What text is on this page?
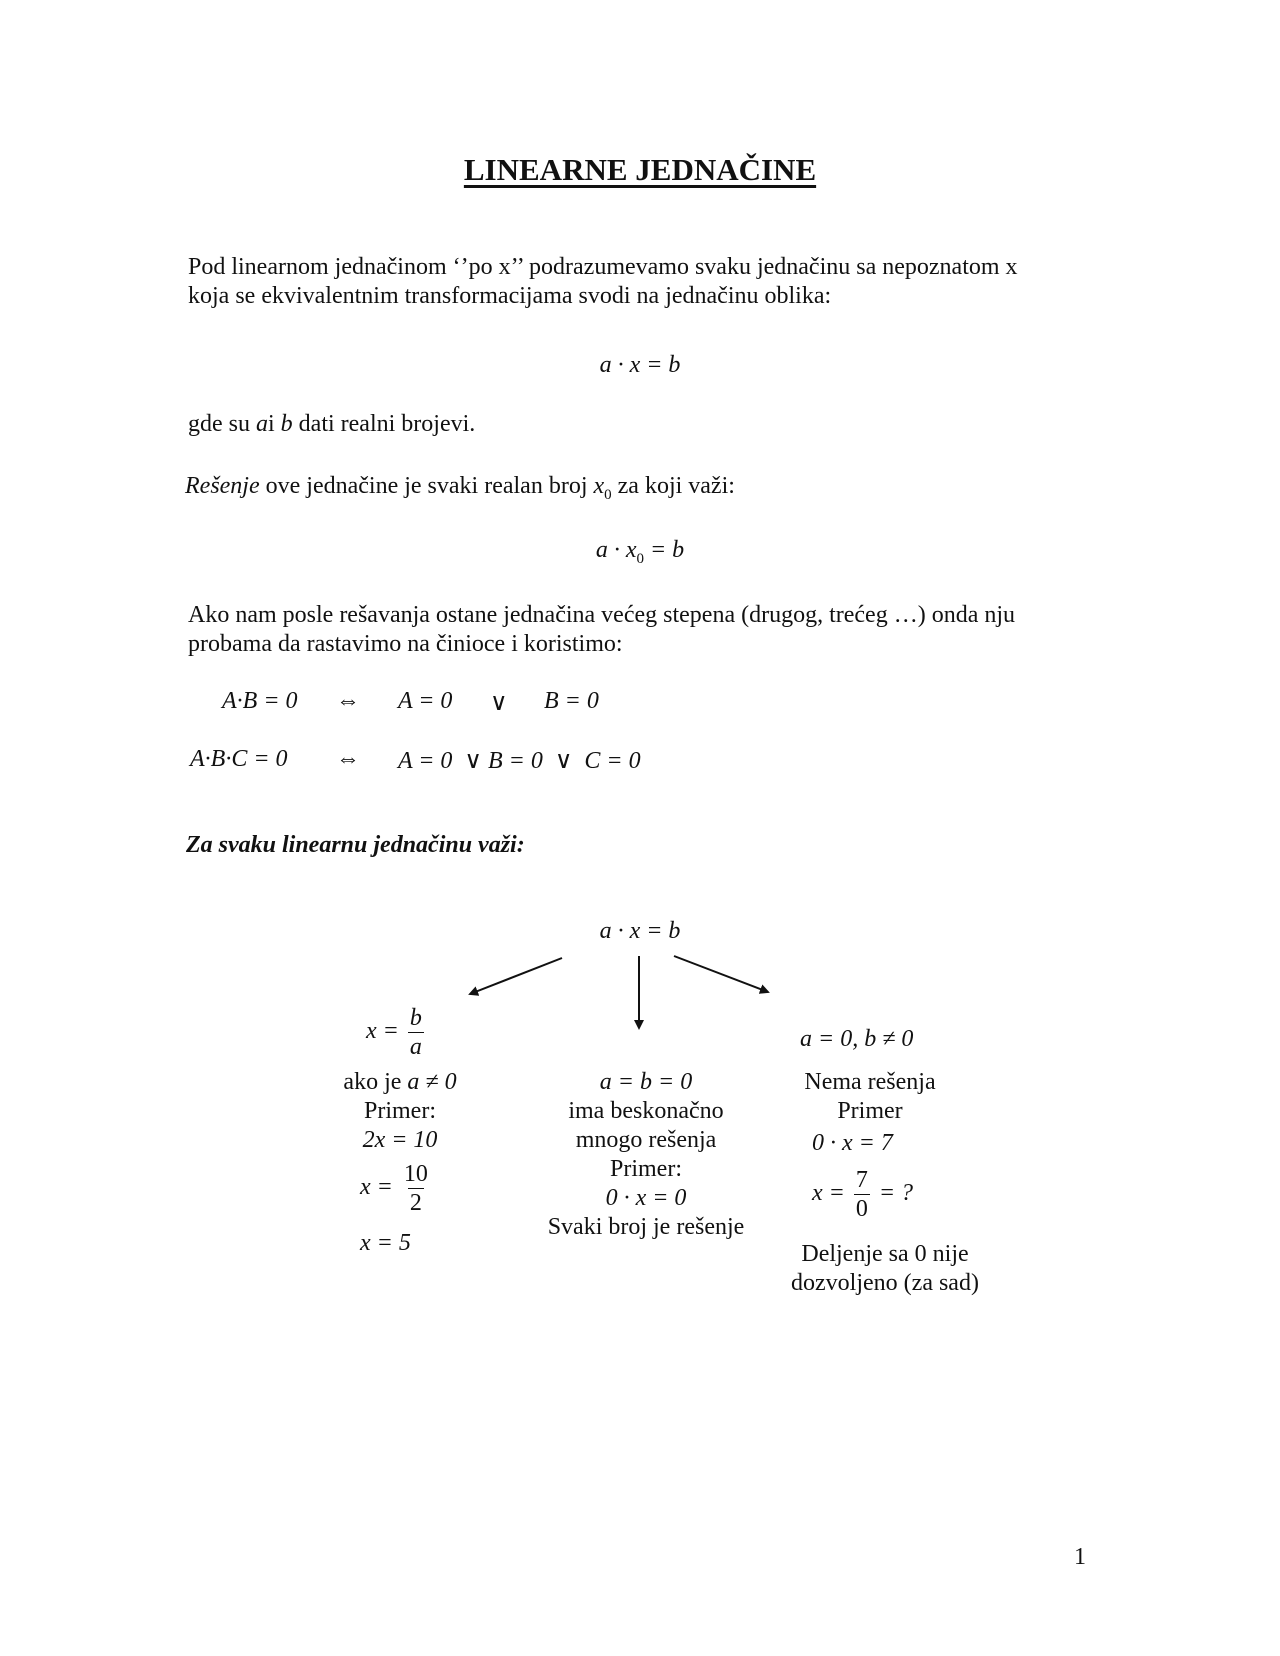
LINEARNE JEDNAČINE
Pod linearnom jednačinom ‘’po x’’ podrazumevamo svaku jednačinu sa nepoznatom x
koja se ekvivalentnim transformacijama svodi na jednačinu oblika:
a · x = b
gde su ai b dati realni brojevi.
Rešenje ove jednačine je svaki realan broj $x_0$ za koji važi:
$a \cdot x_0 = b$
Ako nam posle rešavanja ostane jednačina većeg stepena (drugog, trećeg …) onda nju
probama da rastavimo na činioce i koristimo:
A·B = 0 ⇔ A = 0 ∨ B = 0
A·B·C = 0 ⇔ A = 0  ∨ B = 0  ∨  C = 0
Za svaku linearnu jednačinu važi:
a · x = b
$x = \frac{b}{a}$
ako je a ≠ 0
Primer:
2x = 10
$x = \frac{10}{2}$
x = 5
a = b = 0
ima beskonačno
mnogo rešenja
Primer:
0 · x = 0
Svaki broj je rešenje
a = 0, b ≠ 0
Nema rešenja
Primer
0 · x = 7
$x = \frac{7}{0}$ = ?
Deljenje sa 0 nije
dozvoljeno (za sad)
1
